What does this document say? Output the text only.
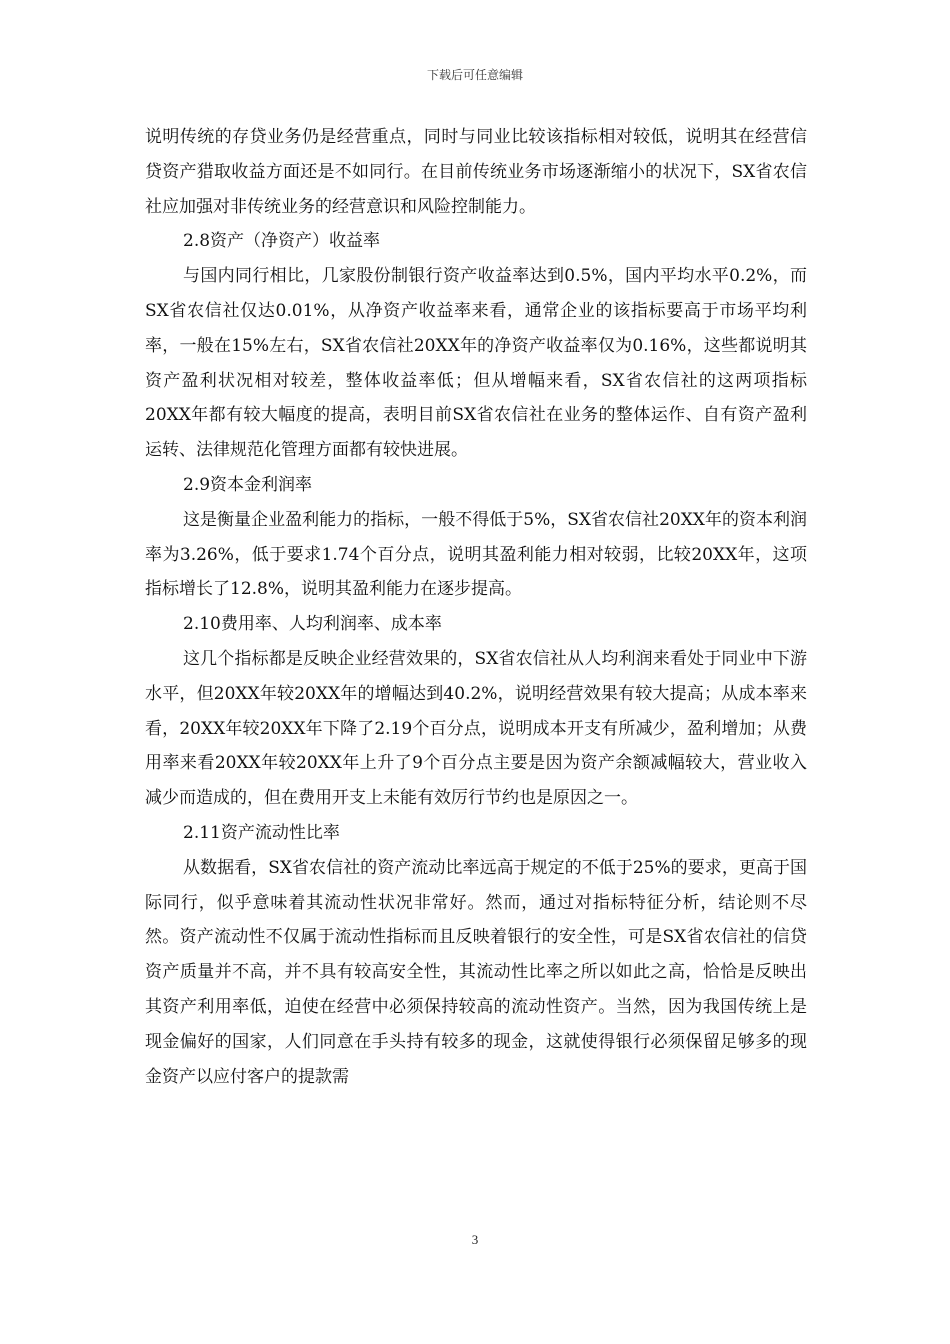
下载后可任意编辑

说明传统的存贷业务仍是经营重点，同时与同业比较该指标相对较低，说明其在经营信贷资产猎取收益方面还是不如同行。在目前传统业务市场逐渐缩小的状况下，SX省农信社应加强对非传统业务的经营意识和风险控制能力。

2.8资产（净资产）收益率

与国内同行相比，几家股份制银行资产收益率达到0.5%，国内平均水平0.2%，而SX省农信社仅达0.01%，从净资产收益率来看，通常企业的该指标要高于市场平均利率，一般在15%左右，SX省农信社20XX年的净资产收益率仅为0.16%，这些都说明其资产盈利状况相对较差，整体收益率低；但从增幅来看，SX省农信社的这两项指标20XX年都有较大幅度的提高，表明目前SX省农信社在业务的整体运作、自有资产盈利运转、法律规范化管理方面都有较快进展。

2.9资本金利润率

这是衡量企业盈利能力的指标，一般不得低于5%，SX省农信社20XX年的资本利润率为3.26%，低于要求1.74个百分点，说明其盈利能力相对较弱，比较20XX年，这项指标增长了12.8%，说明其盈利能力在逐步提高。

2.10费用率、人均利润率、成本率

这几个指标都是反映企业经营效果的，SX省农信社从人均利润来看处于同业中下游水平，但20XX年较20XX年的增幅达到40.2%，说明经营效果有较大提高；从成本率来看，20XX年较20XX年下降了2.19个百分点，说明成本开支有所减少，盈利增加；从费用率来看20XX年较20XX年上升了9个百分点主要是因为资产余额减幅较大，营业收入减少而造成的，但在费用开支上未能有效厉行节约也是原因之一。

2.11资产流动性比率

从数据看，SX省农信社的资产流动比率远高于规定的不低于25%的要求，更高于国际同行，似乎意味着其流动性状况非常好。然而，通过对指标特征分析，结论则不尽然。资产流动性不仅属于流动性指标而且反映着银行的安全性，可是SX省农信社的信贷资产质量并不高，并不具有较高安全性，其流动性比率之所以如此之高，恰恰是反映出其资产利用率低，迫使在经营中必须保持较高的流动性资产。当然，因为我国传统上是现金偏好的国家，人们同意在手头持有较多的现金，这就使得银行必须保留足够多的现金资产以应付客户的提款需

3
